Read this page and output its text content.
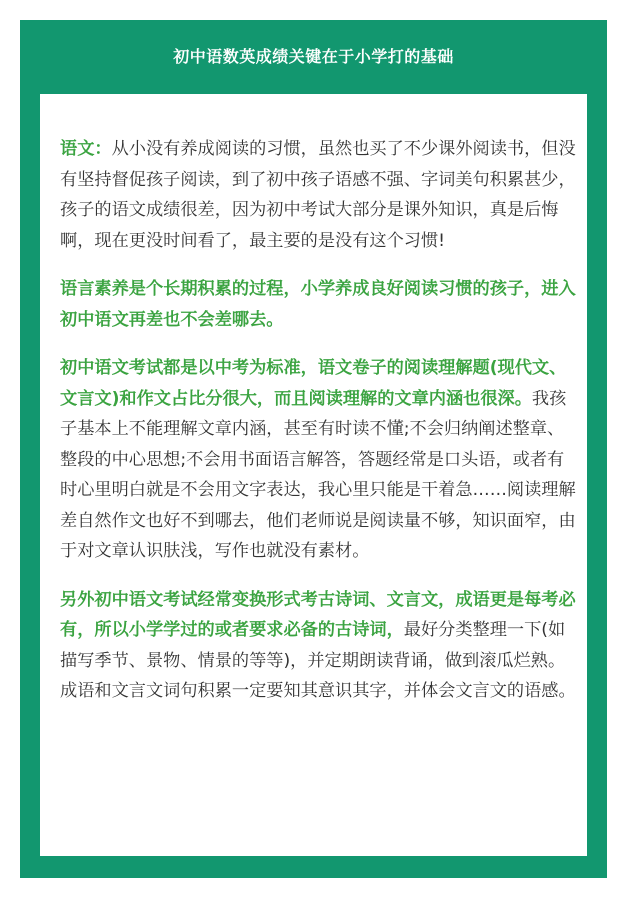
初中语数英成绩关键在于小学打的基础

语文：从小没有养成阅读的习惯，虽然也买了不少课外阅读书，但没有坚持督促孩子阅读，到了初中孩子语感不强、字词美句积累甚少，孩子的语文成绩很差，因为初中考试大部分是课外知识，真是后悔啊，现在更没时间看了，最主要的是没有这个习惯!

语言素养是个长期积累的过程，小学养成良好阅读习惯的孩子，进入初中语文再差也不会差哪去。

初中语文考试都是以中考为标准，语文卷子的阅读理解题(现代文、文言文)和作文占比分很大，而且阅读理解的文章内涵也很深。我孩子基本上不能理解文章内涵，甚至有时读不懂;不会归纳阐述整章、整段的中心思想;不会用书面语言解答，答题经常是口头语，或者有时心里明白就是不会用文字表达，我心里只能是干着急……阅读理解差自然作文也好不到哪去，他们老师说是阅读量不够，知识面窄，由于对文章认识肤浅，写作也就没有素材。

另外初中语文考试经常变换形式考古诗词、文言文，成语更是每考必有，所以小学学过的或者要求必备的古诗词，最好分类整理一下(如描写季节、景物、情景的等等)，并定期朗读背诵，做到滚瓜烂熟。成语和文言文词句积累一定要知其意识其字，并体会文言文的语感。
